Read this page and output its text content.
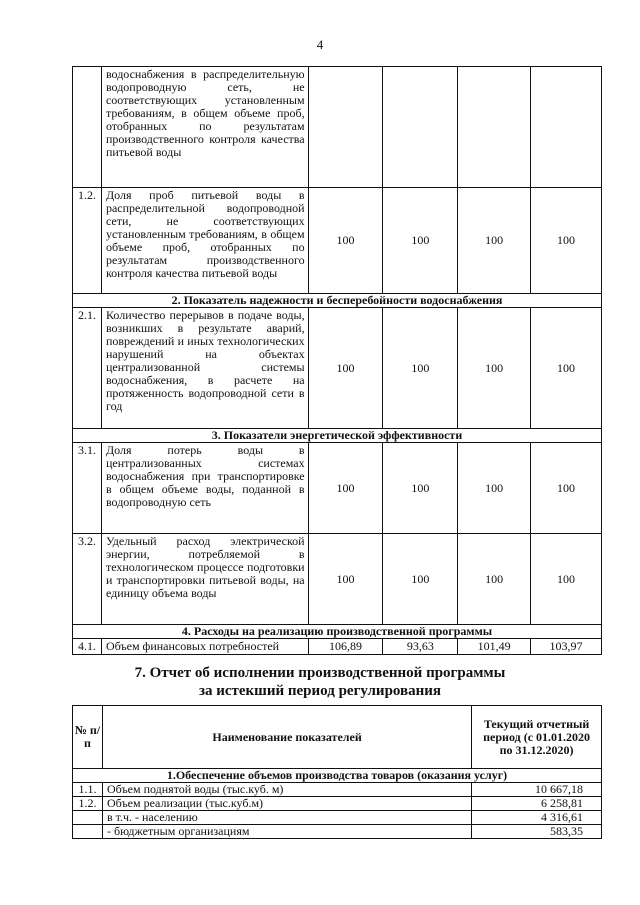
4
	водоснабжения в распределительную водопроводную сеть, не соответствующих установленным требованиям, в общем объеме проб, отобранных по результатам производственного контроля качества питьевой воды				
1.2.	Доля проб питьевой воды в распределительной водопроводной сети, не соответствующих установленным требованиям, в общем объеме проб, отобранных по результатам производственного контроля качества питьевой воды	100	100	100	100
2. Показатель надежности и бесперебойности водоснабжения					
2.1.	Количество перерывов в подаче воды, возникших в результате аварий, повреждений и иных технологических нарушений на объектах централизованной системы водоснабжения, в расчете на протяженность водопроводной сети в год	100	100	100	100
3. Показатели энергетической эффективности					
3.1.	Доля потерь воды в централизованных системах водоснабжения при транспортировке в общем объеме воды, поданной в водопроводную сеть	100	100	100	100
3.2.	Удельный расход электрической энергии, потребляемой в технологическом процессе подготовки и транспортировки питьевой воды, на единицу объема воды	100	100	100	100
4. Расходы на реализацию производственной программы					
4.1.	Объем финансовых потребностей	106,89	93,63	101,49	103,97
7. Отчет об исполнении производственной программы
за истекший период регулирования
№ п/п	Наименование показателей	Текущий отчетный период (с 01.01.2020 по 31.12.2020)
1.Обеспечение объемов производства товаров (оказания услуг)		
1.1.	Объем поднятой воды (тыс.куб. м)	10 667,18
1.2.	Объем реализации (тыс.куб.м)	6 258,81
	в т.ч. - населению	4 316,61
	- бюджетным организациям	583,35
